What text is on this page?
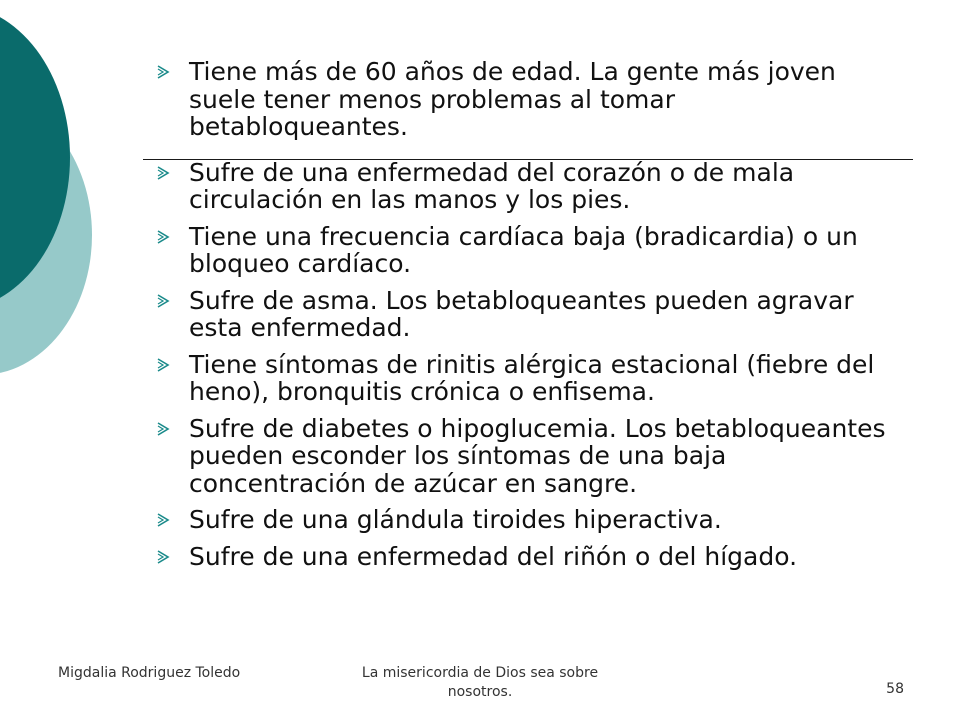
Tiene más de 60 años de edad. La gente más joven suele tener menos problemas al tomar betabloqueantes.
Sufre de una enfermedad del corazón o de mala circulación en las manos y los pies.
Tiene una frecuencia cardíaca baja (bradicardia) o un bloqueo cardíaco.
Sufre de asma. Los betabloqueantes pueden agravar esta enfermedad.
Tiene síntomas de rinitis alérgica estacional (fiebre del heno), bronquitis crónica o enfisema.
Sufre de diabetes o hipoglucemia. Los betabloqueantes pueden esconder los síntomas de una baja concentración de azúcar en sangre.
Sufre de una glándula tiroides hiperactiva.
Sufre de una enfermedad del riñón o del hígado.
Migdalia Rodriguez Toledo	La misericordia de Dios sea sobre nosotros.	58
